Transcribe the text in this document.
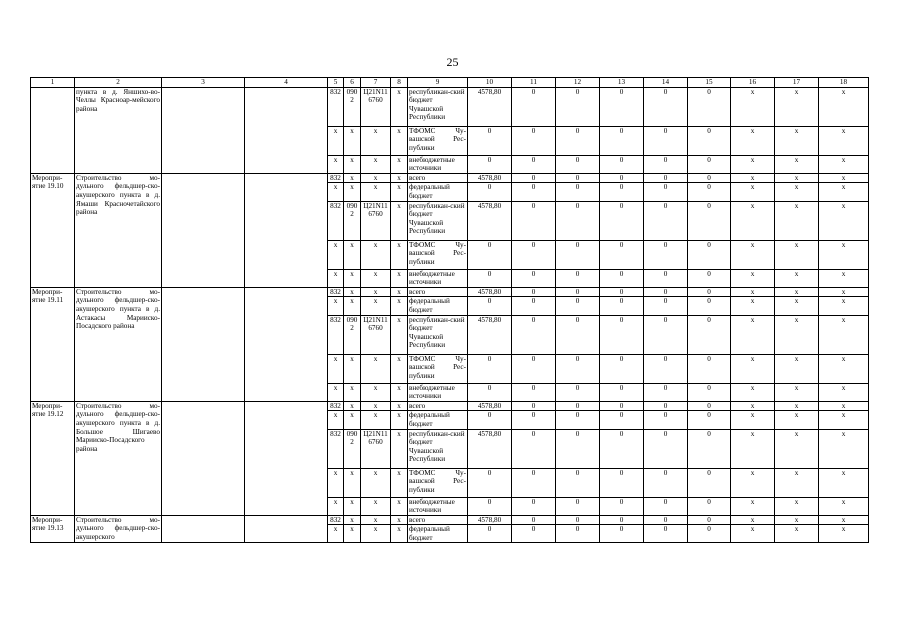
25
1	2	3	4	5	6	7	8	9	10	11	12	13	14	15	16	17	18
	пункта в д. Яншихо-во-Челлы Красноар-мейского района			832	0902	Ц21N11 6760	x	республикан-ский бюджет Чувашской Республики	4578,80	0	0	0	0	0	x	x	x
				x	x	x	x	ТФОМС Чу-вашской Рес-публики	0	0	0	0	0	0	x	x	x
				x	x	x	x	внебюджетные источники	0	0	0	0	0	0	x	x	x
Меропри-ятие 19.10	Строительство мо-дульного фельдшер-ско-акушерского пункта в д. Ямаши Красночетайского района			832	x	x	x	всего	4578,80	0	0	0	0	0	x	x	x
				x	x	x	x	федеральный бюджет	0	0	0	0	0	0	x	x	x
				832	0902	Ц21N11 6760	x	республикан-ский бюджет Чувашской Республики	4578,80	0	0	0	0	0	x	x	x
				x	x	x	x	ТФОМС Чу-вашской Рес-публики	0	0	0	0	0	0	x	x	x
				x	x	x	x	внебюджетные источники	0	0	0	0	0	0	x	x	x
Меропри-ятие 19.11	Строительство мо-дульного фельдшер-ско-акушерского пункта в д. Астакасы Марииско-Посадского района			832	x	x	x	всего	4578,80	0	0	0	0	0	x	x	x
				x	x	x	x	федеральный бюджет	0	0	0	0	0	0	x	x	x
				832	0902	Ц21N11 6760	x	республикан-ский бюджет Чувашской Республики	4578,80	0	0	0	0	0	x	x	x
				x	x	x	x	ТФОМС Чу-вашской Рес-публики	0	0	0	0	0	0	x	x	x
				x	x	x	x	внебюджетные источники	0	0	0	0	0	0	x	x	x
Меропри-ятие 19.12	Строительство мо-дульного фельдшер-ско-акушерского пункта в д. Большое Шигаево Марииско-Посадского района			832	x	x	x	всего	4578,80	0	0	0	0	0	x	x	x
				x	x	x	x	федеральный бюджет	0	0	0	0	0	0	x	x	x
				832	0902	Ц21N11 6760	x	республикан-ский бюджет Чувашской Республики	4578,80	0	0	0	0	0	x	x	x
				x	x	x	x	ТФОМС Чу-вашской Рес-публики	0	0	0	0	0	0	x	x	x
				x	x	x	x	внебюджетные источники	0	0	0	0	0	0	x	x	x
Меропри-ятие 19.13	Строительство мо-дульного фельдшер-ско-акушерского			832	x	x	x	всего	4578,80	0	0	0	0	0	x	x	x
				x	x	x	x	федеральный бюджет	0	0	0	0	0	0	x	x	x
